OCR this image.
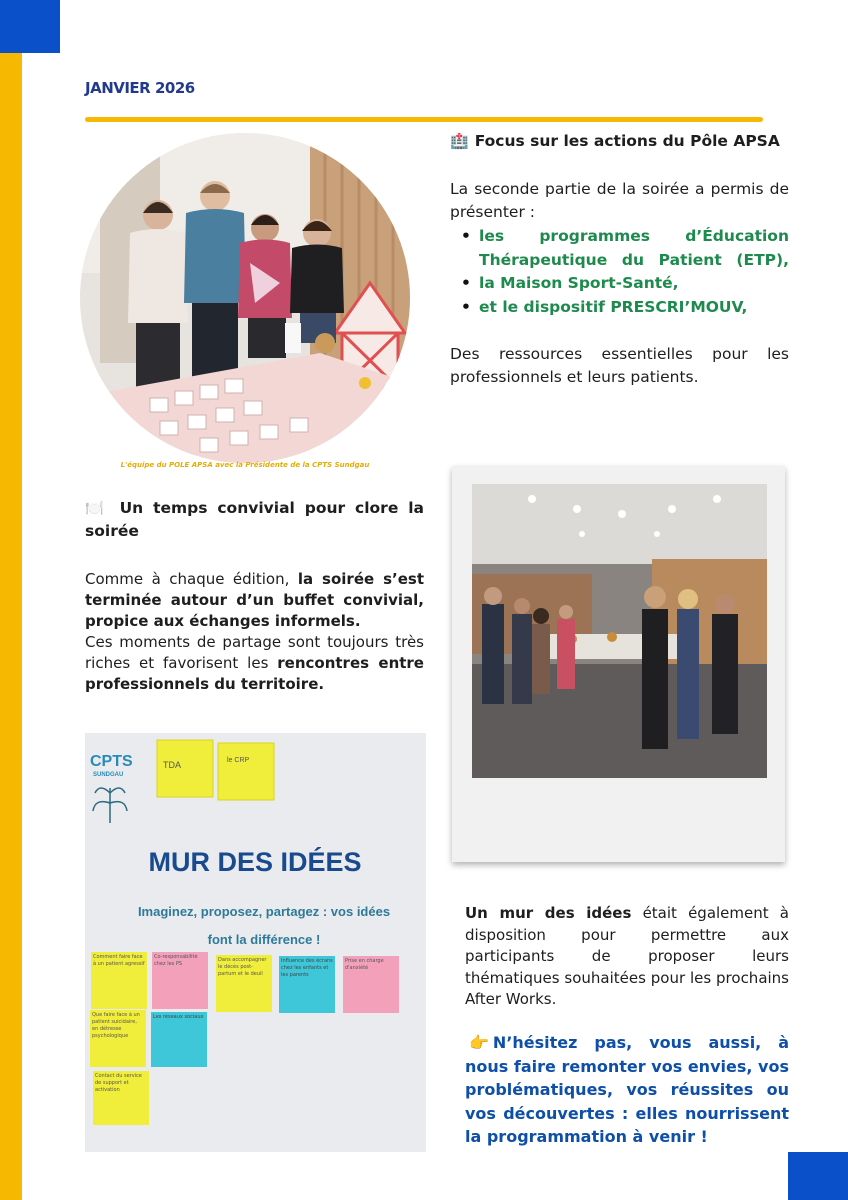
JANVIER 2026
L'équipe du POLE APSA avec la Présidente de la CPTS Sundgau
🏥 Focus sur les actions du Pôle APSA
La seconde partie de la soirée a permis de présenter :
• les programmes d’Éducation Thérapeutique du Patient (ETP),
• la Maison Sport-Santé,
• et le dispositif PRESCRI’MOUV,
Des ressources essentielles pour les professionnels et leurs patients.
🍽️ Un temps convivial pour clore la soirée

Comme à chaque édition, la soirée s’est terminée autour d’un buffet convivial, propice aux échanges informels.

Ces moments de partage sont toujours très riches et favorisent les rencontres entre professionnels du territoire.

CPTS
SUNDGAU
TDA	le CRP
MUR DES IDÉES
Imaginez, proposez, partagez : vos idées
font la différence !
Comment faire face à un patient agressif
Co-responsabilité chez les PS
Dans accompagner le décès post-partum et le deuil
Influence des écrans chez les enfants et les parents
Prise en charge d'anxiété
Que faire face à un patient suicidaire, en détresse psychologique
Les réseaux sociaux
Contact du service de support et activation
Un mur des idées était également à disposition pour permettre aux participants de proposer leurs thématiques souhaitées pour les prochains After Works.
👉 N’hésitez pas, vous aussi, à nous faire remonter vos envies, vos problématiques, vos réussites ou vos découvertes : elles nourrissent la programmation à venir !
